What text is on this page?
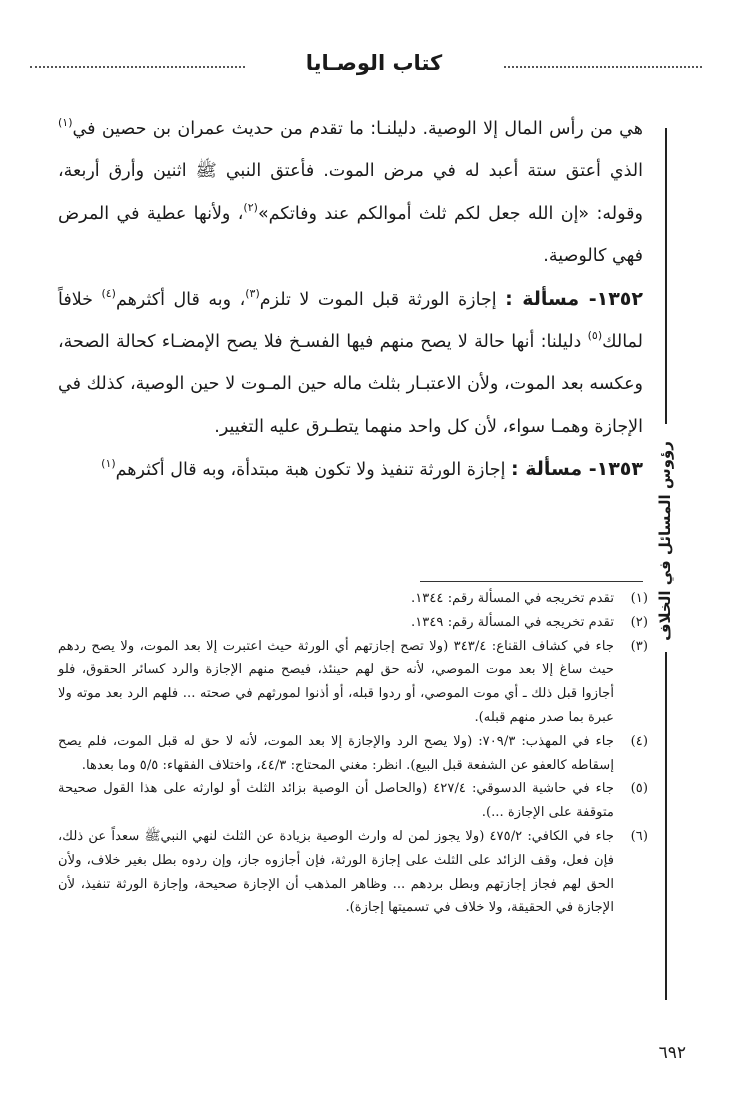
كتاب الوصـايا
رؤوس المسائل في الخلاف

هي من رأس المال إلا الوصية. دليلنـا: ما تقدم من حديث عمران بن حصين في$^{(١)}$ الذي أعتق ستة أعبد له في مرض الموت. فأعتق النبي ﷺ اثنين وأرق أربعة، وقوله: «إن الله جعل لكم ثلث أموالكم عند وفاتكم»$^{(٢)}$، ولأنها عطية في المرض فهي كالوصية.

١٣٥٢- مسألة : إجازة الورثة قبل الموت لا تلزم$^{(٣)}$، وبه قال أكثرهم$^{(٤)}$ خلافاً لمالك$^{(٥)}$ دليلنا: أنها حالة لا يصح منهم فيها الفسـخ فلا يصح الإمضـاء كحالة الصحة، وعكسه بعد الموت، ولأن الاعتبـار بثلث ماله حين المـوت لا حين الوصية، كذلك في الإجازة وهمـا سواء، لأن كل واحد منهما يتطـرق عليه التغيير.

١٣٥٣- مسألة : إجازة الورثة تنفيذ ولا تكون هبة مبتدأة، وبه قال أكثرهم$^{(١)}$

(١)
تقدم تخريجه في المسألة رقم: ١٣٤٤.
(٢)
تقدم تخريجه في المسألة رقم: ١٣٤٩.
(٣)
جاء في كشاف القناع: ٣٤٣/٤ (ولا تصح إجازتهم أي الورثة حيث اعتبرت إلا بعد الموت، ولا يصح ردهم حيث ساغ إلا بعد موت الموصي، لأنه حق لهم حينئذ، فيصح منهم الإجازة والرد كسائر الحقوق، فلو أجازوا قبل ذلك ـ أي موت الموصي، أو ردوا قبله، أو أذنوا لمورثهم في صحته ... فلهم الرد بعد موته ولا عبرة بما صدر منهم قبله).
(٤)
جاء في المهذب: ٧٠٩/٣: (ولا يصح الرد والإجازة إلا بعد الموت، لأنه لا حق له قبل الموت، فلم يصح إسقاطه كالعفو عن الشفعة قبل البيع). انظر: مغني المحتاج: ٤٤/٣، واختلاف الفقهاء: ٥/٥ وما بعدها.
(٥)
جاء في حاشية الدسوقي: ٤٢٧/٤ (والحاصل أن الوصية بزائد الثلث أو لوارثه على هذا القول صحيحة متوقفة على الإجازة ...).
(٦)
جاء في الكافي: ٤٧٥/٢ (ولا يجوز لمن له وارث الوصية بزيادة عن الثلث لنهي النبيﷺ سعداً عن ذلك، فإن فعل، وقف الزائد على الثلث على إجازة الورثة، فإن أجازوه جاز، وإن ردوه بطل بغير خلاف، ولأن الحق لهم فجاز إجازتهم وبطل بردهم ... وظاهر المذهب أن الإجازة صحيحة، وإجازة الورثة تنفيذ، لأن الإجازة في الحقيقة، ولا خلاف في تسميتها إجازة).
٦٩٢
